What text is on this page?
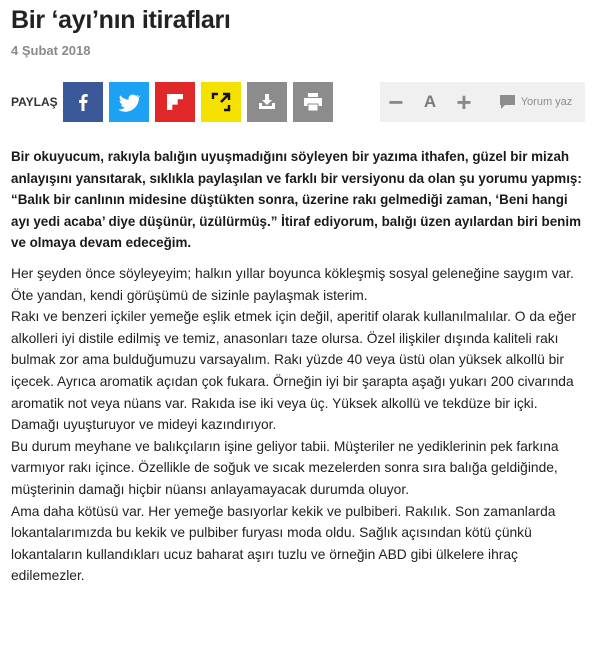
Bir ‘ayı’nın itirafları
4 Şubat 2018
PAYLAŞ	−	A +	Yorum yaz

Bir okuyucum, rakıyla balığın uyuşmadığını söyleyen bir yazıma ithafen, güzel bir mizah anlayışını yansıtarak, sıklıkla paylaşılan ve farklı bir versiyonu da olan şu yorumu yapmış: “Balık bir canlının midesine düştükten sonra, üzerine rakı gelmediği zaman, ‘Beni hangi ayı yedi acaba’ diye düşünür, üzülürmüş.” İtiraf ediyorum, balığı üzen ayılardan biri benim ve olmaya devam edeceğim.

Her şeyden önce söyleyeyim; halkın yıllar boyunca kökleşmiş sosyal geleneğine saygım var. Öte yandan, kendi görüşümü de sizinle paylaşmak isterim.

Rakı ve benzeri içkiler yemeğe eşlik etmek için değil, aperitif olarak kullanılmalılar. O da eğer alkolleri iyi distile edilmiş ve temiz, anasonları taze olursa. Özel ilişkiler dışında kaliteli rakı bulmak zor ama bulduğumuzu varsayalım. Rakı yüzde 40 veya üstü olan yüksek alkollü bir içecek. Ayrıca aromatik açıdan çok fukara. Örneğin iyi bir şarapta aşağı yukarı 200 civarında aromatik not veya nüans var. Rakıda ise iki veya üç. Yüksek alkollü ve tekdüze bir içki. Damağı uyuşturuyor ve mideyi kazındırıyor.

Bu durum meyhane ve balıkçıların işine geliyor tabii. Müşteriler ne yediklerinin pek farkına varmıyor rakı içince. Özellikle de soğuk ve sıcak mezelerden sonra sıra balığa geldiğinde, müşterinin damağı hiçbir nüansı anlayamayacak durumda oluyor.

Ama daha kötüsü var. Her yemeğe basıyorlar kekik ve pulbiberi. Rakılık. Son zamanlarda lokantalarımızda bu kekik ve pulbiber furyası moda oldu. Sağlık açısından kötü çünkü lokantaların kullandıkları ucuz baharat aşırı tuzlu ve örneğin ABD gibi ülkelere ihraç edilemezler.
